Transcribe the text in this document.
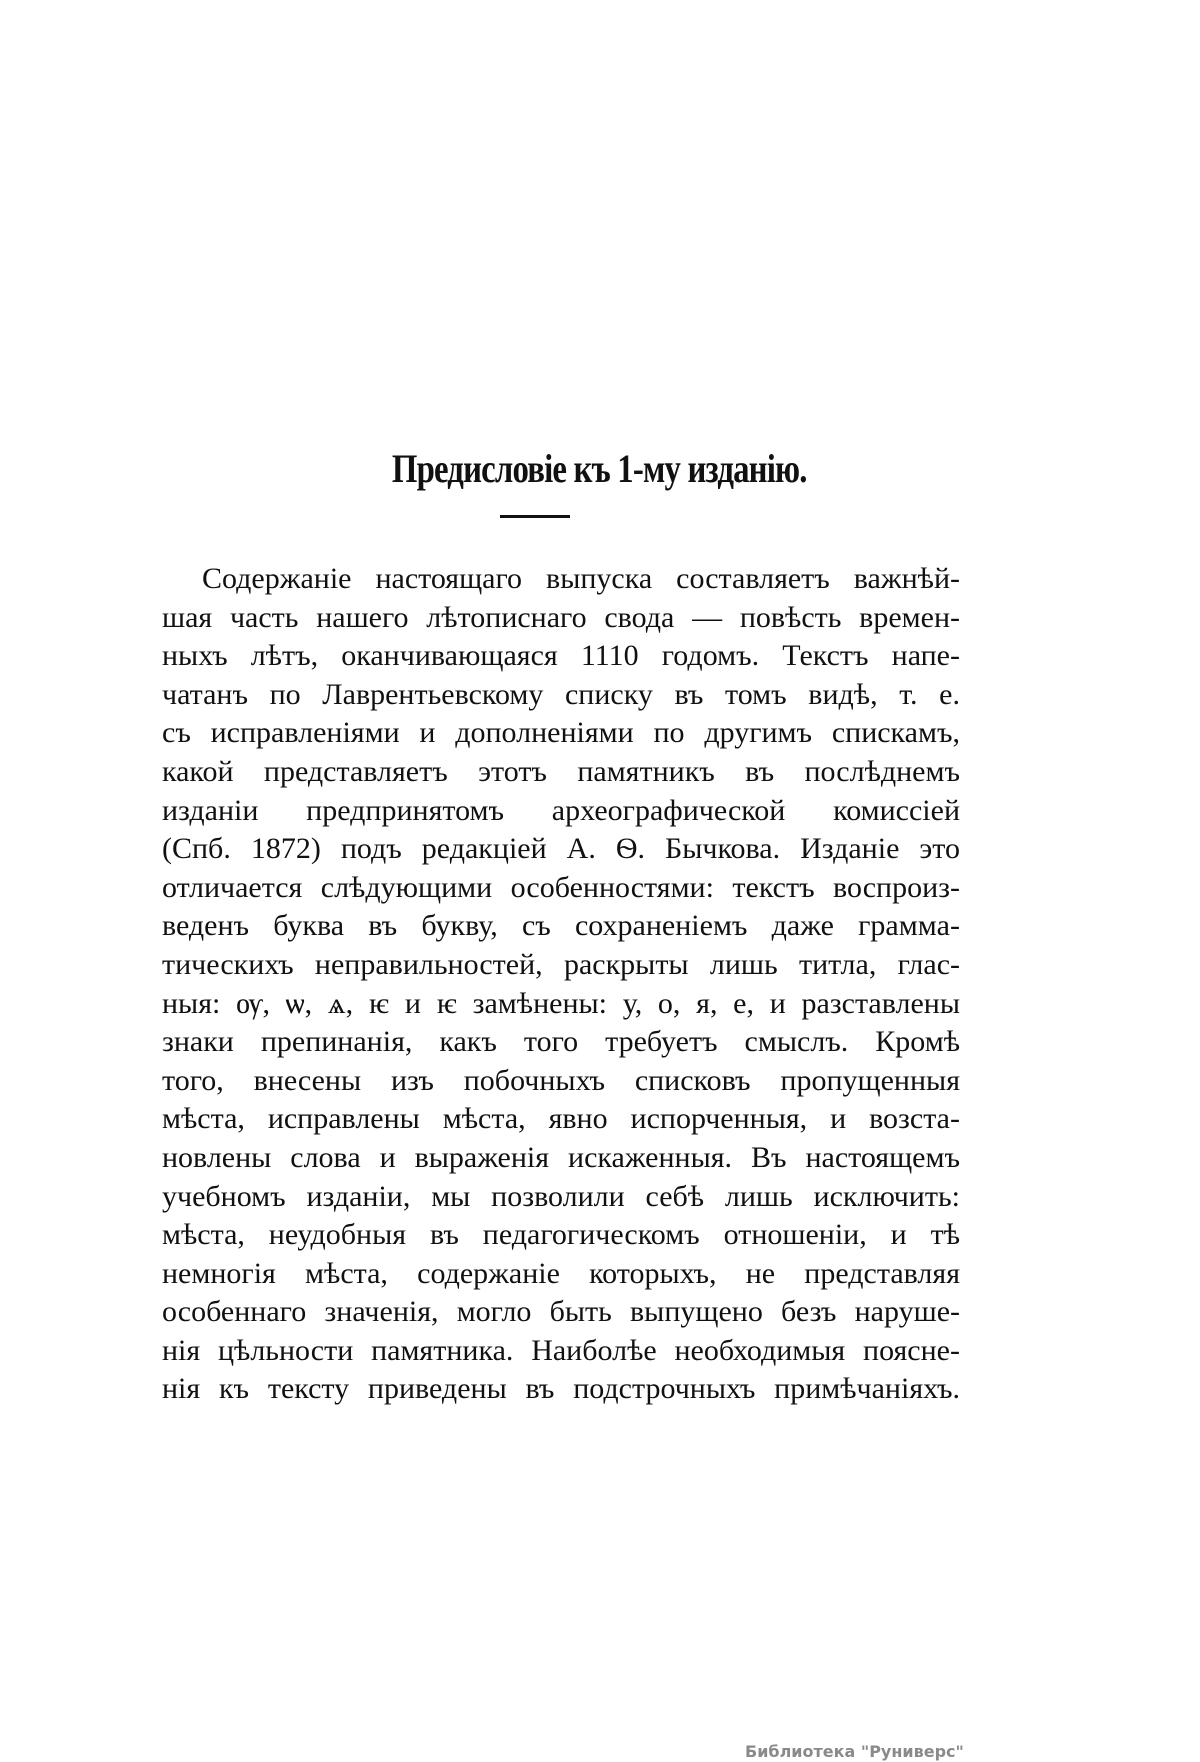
Предисловіе къ 1-му изданію.
Содержаніе настоящаго выпуска составляетъ важнѣй-
шая часть нашего лѣтописнаго свода — повѣсть времен-
ныхъ лѣтъ, оканчивающаяся 1110 годомъ. Текстъ напе-
чатанъ по Лаврентьевскому списку въ томъ видѣ, т. е.
съ исправленіями и дополненіями по другимъ спискамъ,
какой представляетъ этотъ памятникъ въ послѣднемъ
изданіи предпринятомъ археографической комиссіей
(Спб. 1872) подъ редакціей А. Ѳ. Бычкова. Изданіе это
отличается слѣдующими особенностями: текстъ воспроиз-
веденъ буква въ букву, съ сохраненіемъ даже граммa-
тическихъ неправильностей, раскрыты лишь титла, глас-
ныя: ѹ, ѡ, ѧ, ѥ и ѥ замѣнены: у, о, я, е, и разставлены
знаки препинанія, какъ того требуетъ смыслъ. Кромѣ
того, внесены изъ побочныхъ списковъ пропущенныя
мѣста, исправлены мѣста, явно испорченныя, и возста-
новлены слова и выраженія искаженныя. Въ настоящемъ
учебномъ изданіи, мы позволили себѣ лишь исключить:
мѣста, неудобныя въ педагогическомъ отношеніи, и тѣ
немногія мѣста, содержаніе которыхъ, не представляя
особеннаго значенія, могло быть выпущено безъ наруше-
нія цѣльности памятника. Наиболѣе необходимыя поясне-
нія къ тексту приведены въ подстрочныхъ примѣчаніяхъ.
Библиотека "Руниверс"
